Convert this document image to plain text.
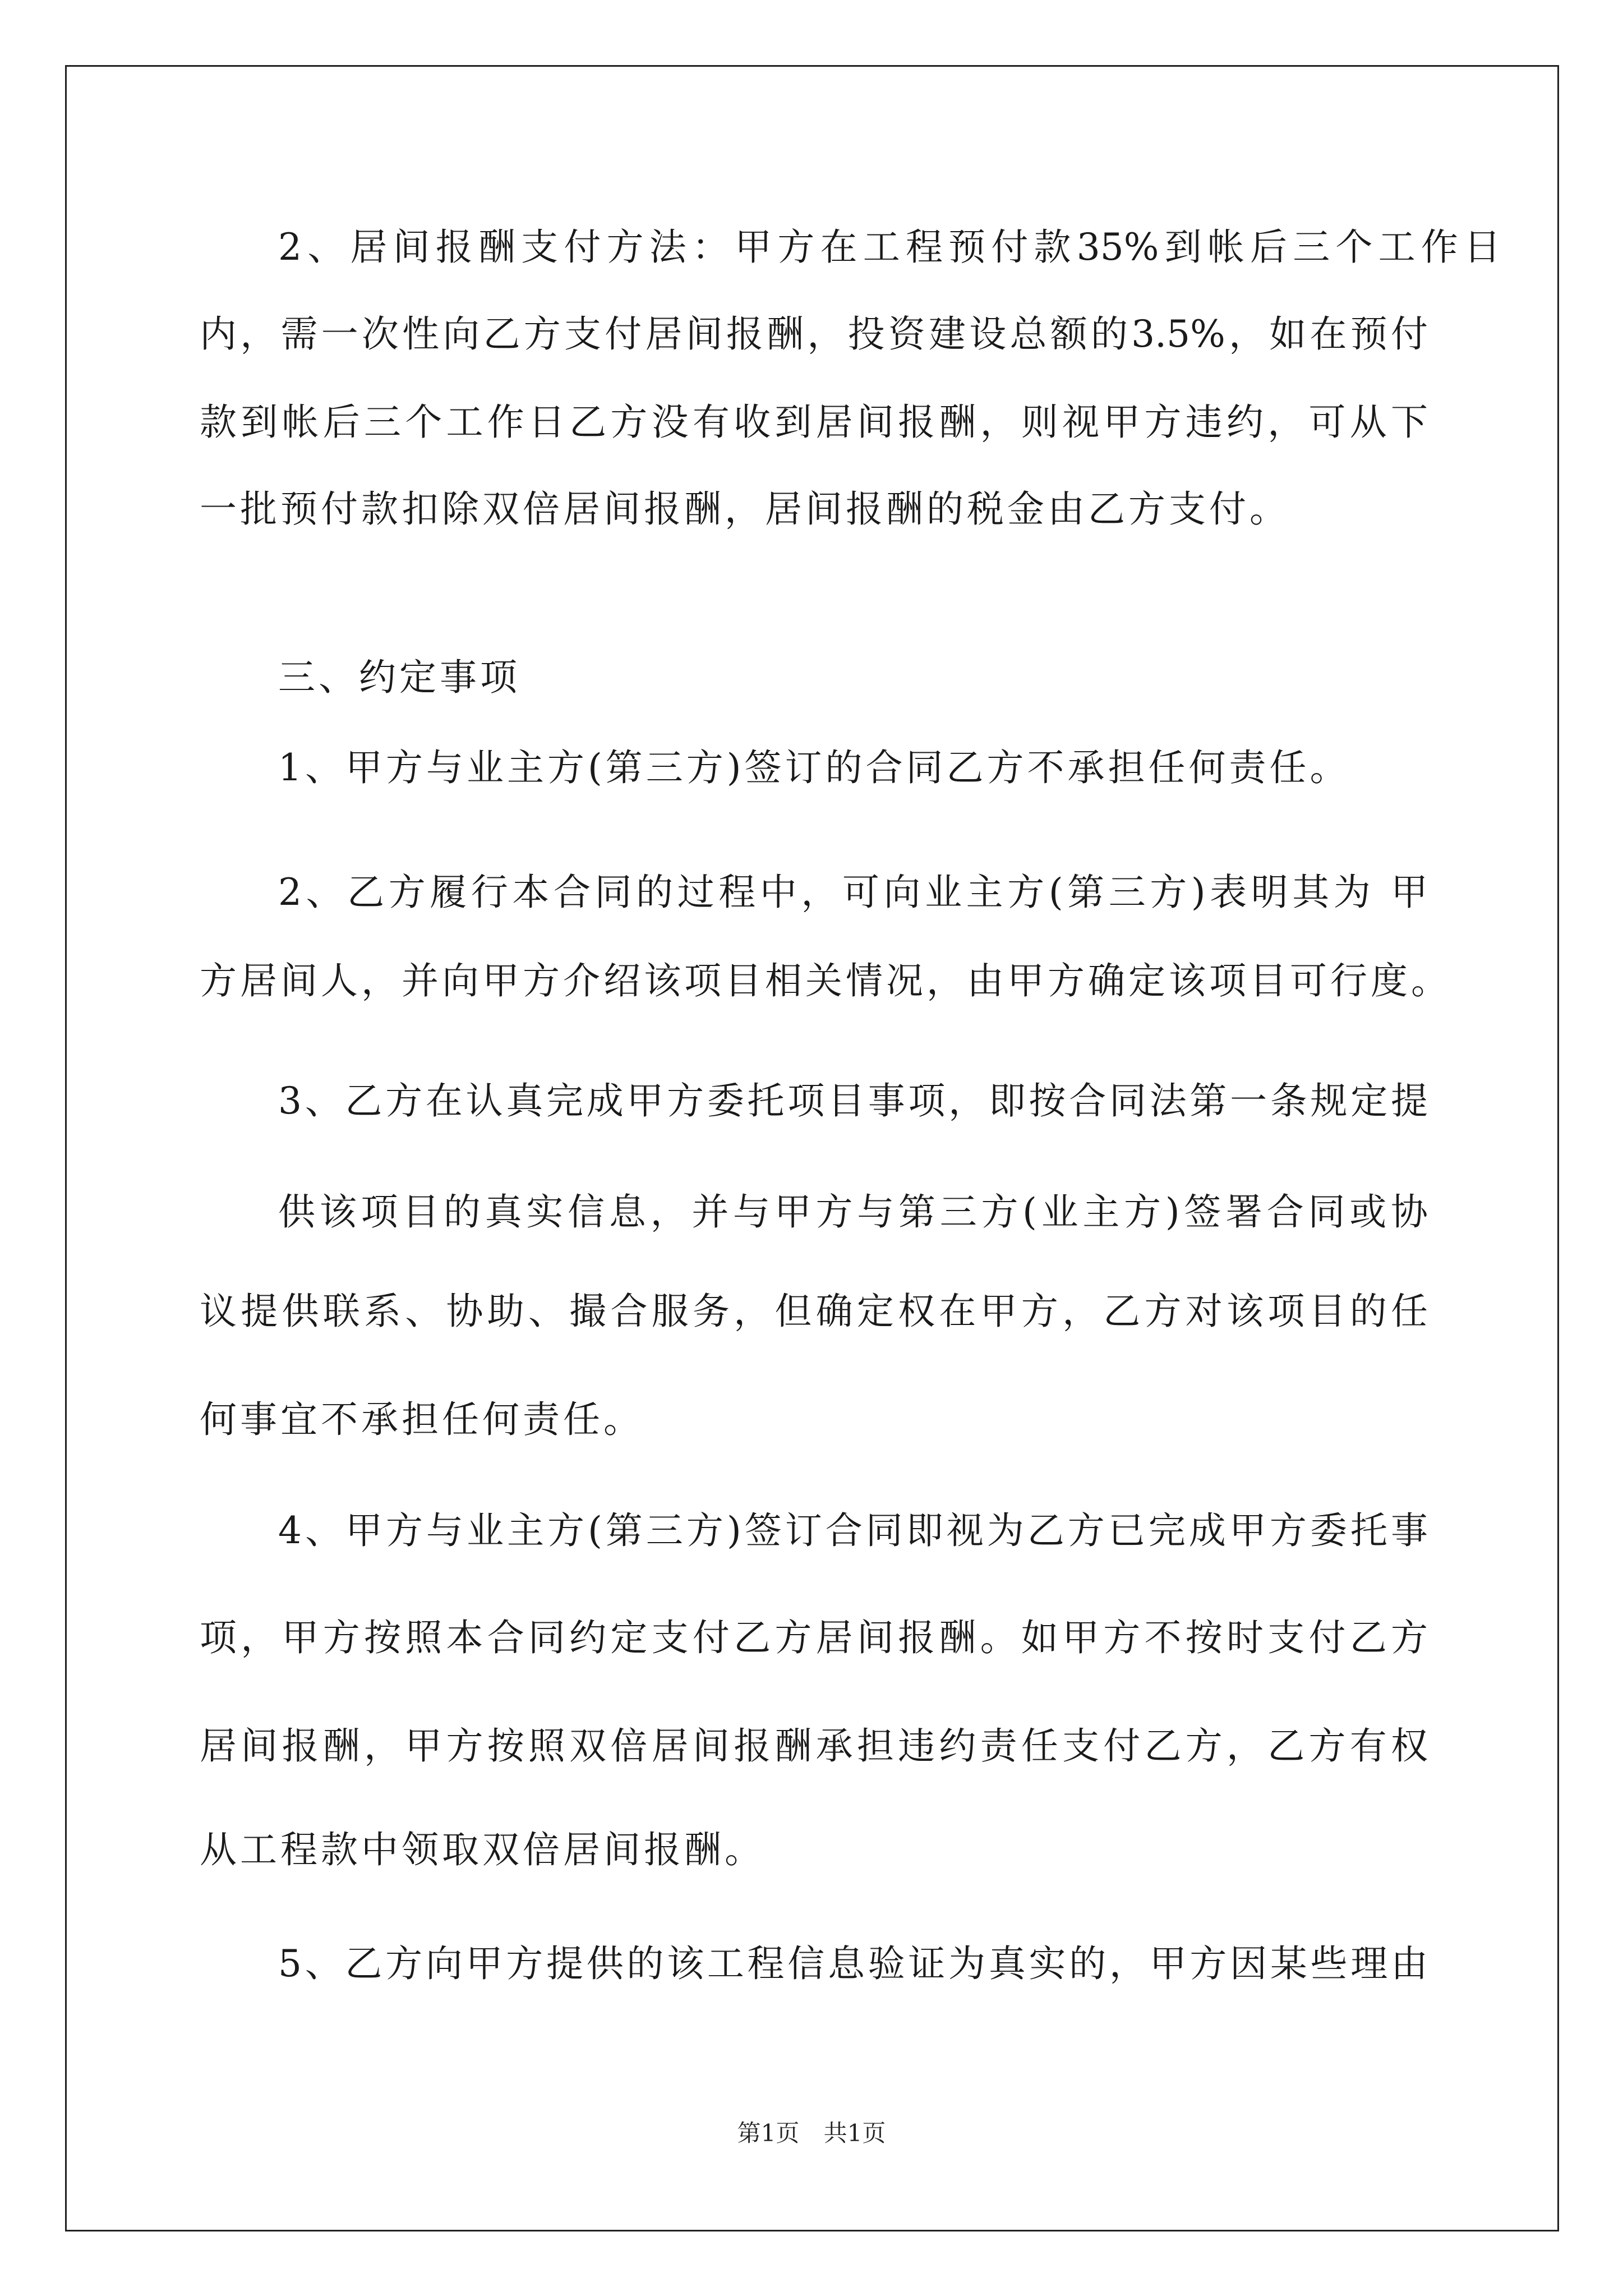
2、居间报酬支付方法：甲方在工程预付款35%到帐后三个工作日
内，需一次性向乙方支付居间报酬，投资建设总额的3.5%，如在预付
款到帐后三个工作日乙方没有收到居间报酬，则视甲方违约，可从下
一批预付款扣除双倍居间报酬，居间报酬的税金由乙方支付。
三、约定事项
1、甲方与业主方(第三方)签订的合同乙方不承担任何责任。
2、乙方履行本合同的过程中，可向业主方(第三方)表明其为 甲
方居间人，并向甲方介绍该项目相关情况，由甲方确定该项目可行度。
3、乙方在认真完成甲方委托项目事项，即按合同法第一条规定提
供该项目的真实信息，并与甲方与第三方(业主方)签署合同或协
议提供联系、协助、撮合服务，但确定权在甲方，乙方对该项目的任
何事宜不承担任何责任。
4、甲方与业主方(第三方)签订合同即视为乙方已完成甲方委托事
项，甲方按照本合同约定支付乙方居间报酬。如甲方不按时支付乙方
居间报酬，甲方按照双倍居间报酬承担违约责任支付乙方，乙方有权
从工程款中领取双倍居间报酬。
5、乙方向甲方提供的该工程信息验证为真实的，甲方因某些理由
第1页 共1页
